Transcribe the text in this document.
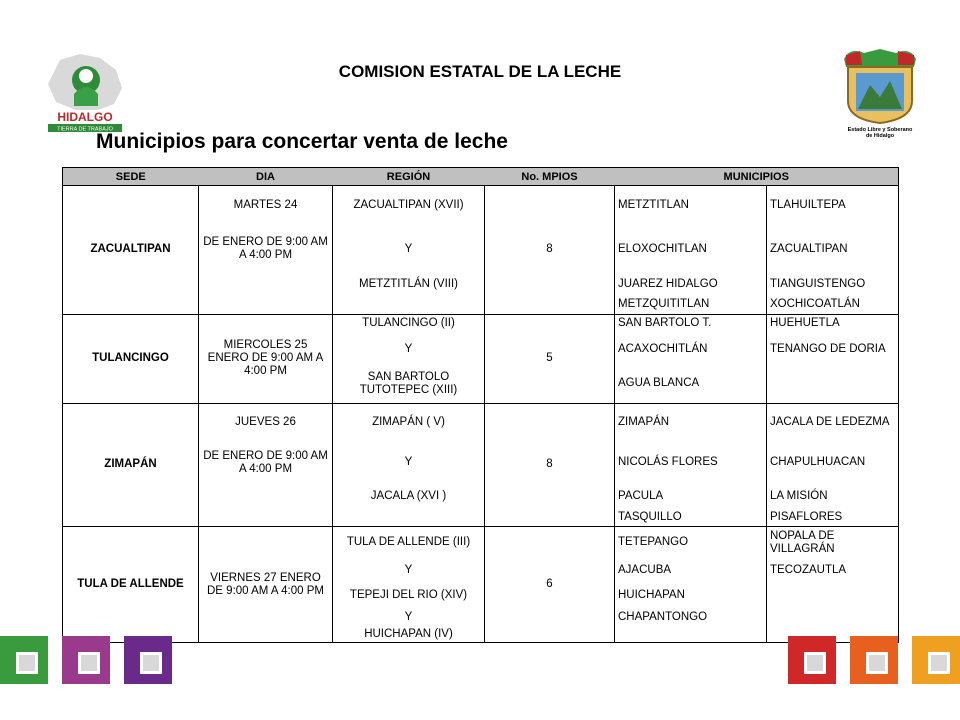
HIDALGO
TIERRA DE TRABAJO	Estado Libre y Soberano
de Hidalgo
COMISION ESTATAL DE LA LECHE
Municipios para concertar venta de leche
SEDE	DIA	REGIÓN	No. MPIOS	MUNICIPIOS	
ZACUALTIPAN	MARTES 24	ZACUALTIPAN (XVII)	8	METZTITLAN	TLAHUILTEPA
	DE ENERO DE 9:00 AM A 4:00 PM	Y		ELOXOCHITLAN	ZACUALTIPAN
		METZTITLÁN (VIII)		JUAREZ HIDALGO	TIANGUISTENGO
				METZQUITITLAN	XOCHICOATLÁN
TULANCINGO	MIERCOLES 25 ENERO DE 9:00 AM A 4:00 PM	TULANCINGO (II)	5	SAN BARTOLO T.	HUEHUETLA
		Y		ACAXOCHITLÁN	TENANGO DE DORIA
		SAN BARTOLO TUTOTEPEC (XIII)		AGUA BLANCA	
ZIMAPÁN	JUEVES 26	ZIMAPÁN ( V)	8	ZIMAPÁN	JACALA DE LEDEZMA
	DE ENERO DE 9:00 AM A 4:00 PM	Y		NICOLÁS FLORES	CHAPULHUACAN
		JACALA (XVI )		PACULA	LA MISIÓN
				TASQUILLO	PISAFLORES
TULA DE ALLENDE	VIERNES 27 ENERO DE 9:00 AM A 4:00 PM	TULA DE ALLENDE (III)	6	TETEPANGO	NOPALA DE VILLAGRÁN
		Y		AJACUBA	TECOZAUTLA
		TEPEJI DEL RIO (XIV)		HUICHAPAN	
		Y		CHAPANTONGO	
		HUICHAPAN (IV)			
